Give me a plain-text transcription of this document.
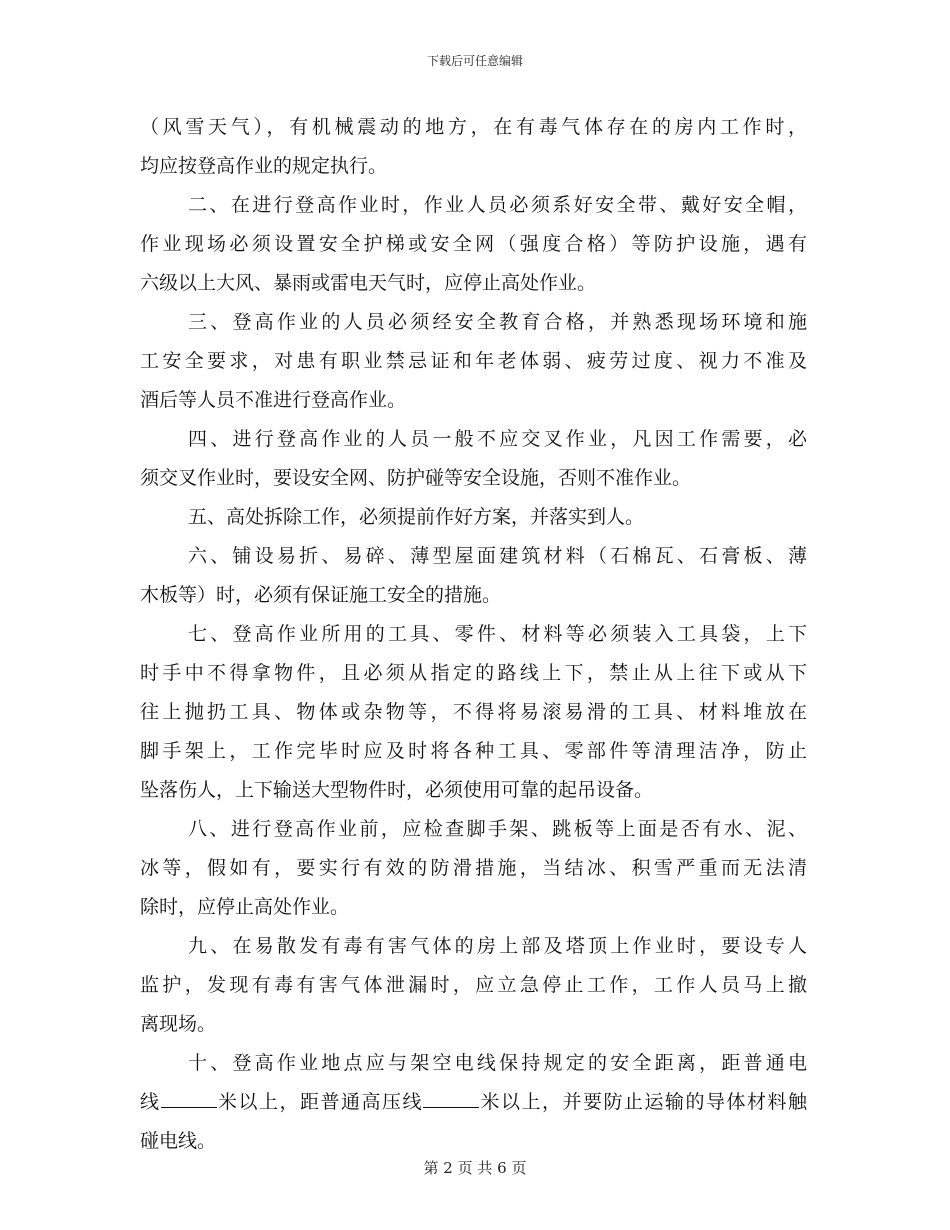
下载后可任意编辑
（风雪天气），有机械震动的地方，在有毒气体存在的房内工作时，
均应按登高作业的规定执行。
二、在进行登高作业时，作业人员必须系好安全带、戴好安全帽，
作业现场必须设置安全护梯或安全网（强度合格）等防护设施，遇有
六级以上大风、暴雨或雷电天气时，应停止高处作业。
三、登高作业的人员必须经安全教育合格，并熟悉现场环境和施
工安全要求，对患有职业禁忌证和年老体弱、疲劳过度、视力不准及
酒后等人员不准进行登高作业。
四、进行登高作业的人员一般不应交叉作业，凡因工作需要，必
须交叉作业时，要设安全网、防护碰等安全设施，否则不准作业。
五、高处拆除工作，必须提前作好方案，并落实到人。
六、铺设易折、易碎、薄型屋面建筑材料（石棉瓦、石膏板、薄
木板等）时，必须有保证施工安全的措施。
七、登高作业所用的工具、零件、材料等必须装入工具袋，上下
时手中不得拿物件，且必须从指定的路线上下，禁止从上往下或从下
往上抛扔工具、物体或杂物等，不得将易滚易滑的工具、材料堆放在
脚手架上，工作完毕时应及时将各种工具、零部件等清理洁净，防止
坠落伤人，上下输送大型物件时，必须使用可靠的起吊设备。
八、进行登高作业前，应检查脚手架、跳板等上面是否有水、泥、
冰等，假如有，要实行有效的防滑措施，当结冰、积雪严重而无法清
除时，应停止高处作业。
九、在易散发有毒有害气体的房上部及塔顶上作业时，要设专人
监护，发现有毒有害气体泄漏时，应立急停止工作，工作人员马上撤
离现场。
十、登高作业地点应与架空电线保持规定的安全距离，距普通电
线	米以上，距普通高压线	米以上，并要防止运输的导体材料触
碰电线。
第 2 页 共 6 页
